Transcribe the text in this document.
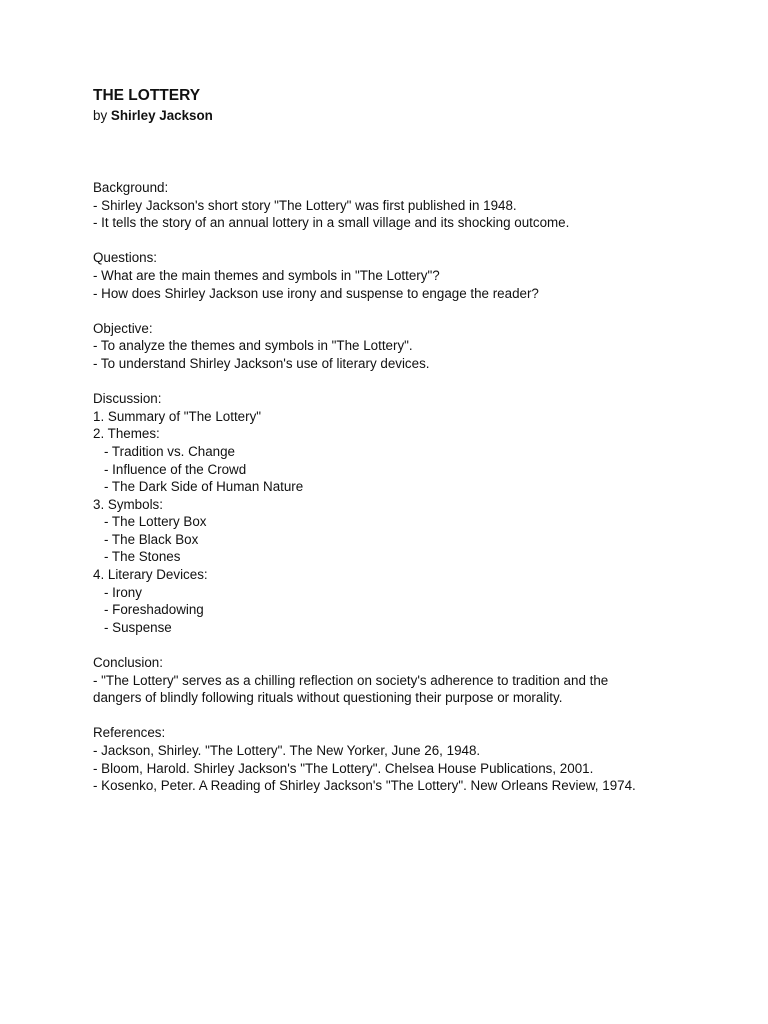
THE LOTTERY

by Shirley Jackson

Background:
- Shirley Jackson's short story "The Lottery" was first published in 1948.
- It tells the story of an annual lottery in a small village and its shocking outcome.
Questions:
- What are the main themes and symbols in "The Lottery"?
- How does Shirley Jackson use irony and suspense to engage the reader?
Objective:
- To analyze the themes and symbols in "The Lottery".
- To understand Shirley Jackson's use of literary devices.
Discussion:
1. Summary of "The Lottery"
2. Themes:
- Tradition vs. Change
- Influence of the Crowd
- The Dark Side of Human Nature
3. Symbols:
- The Lottery Box
- The Black Box
- The Stones
4. Literary Devices:
- Irony
- Foreshadowing
- Suspense
Conclusion:
- "The Lottery" serves as a chilling reflection on society's adherence to tradition and the
dangers of blindly following rituals without questioning their purpose or morality.
References:
- Jackson, Shirley. "The Lottery". The New Yorker, June 26, 1948.
- Bloom, Harold. Shirley Jackson's "The Lottery". Chelsea House Publications, 2001.
- Kosenko, Peter. A Reading of Shirley Jackson's "The Lottery". New Orleans Review, 1974.
